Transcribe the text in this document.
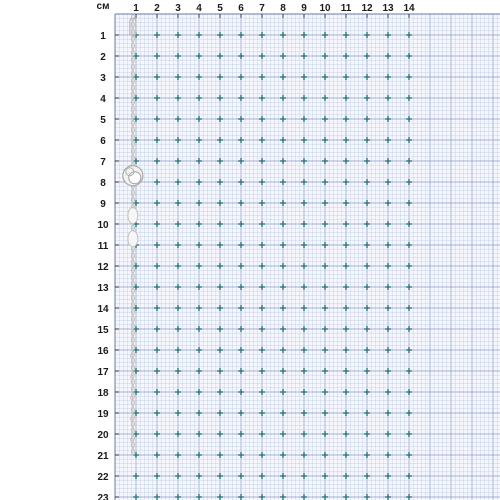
см 1 2 3 4 5 6 7 8 9 10 11 12 13 14
1
2
3
4
5
6
7
8
9
10
11
12
13
14
15
16
17
18
19
20
21
22
23
